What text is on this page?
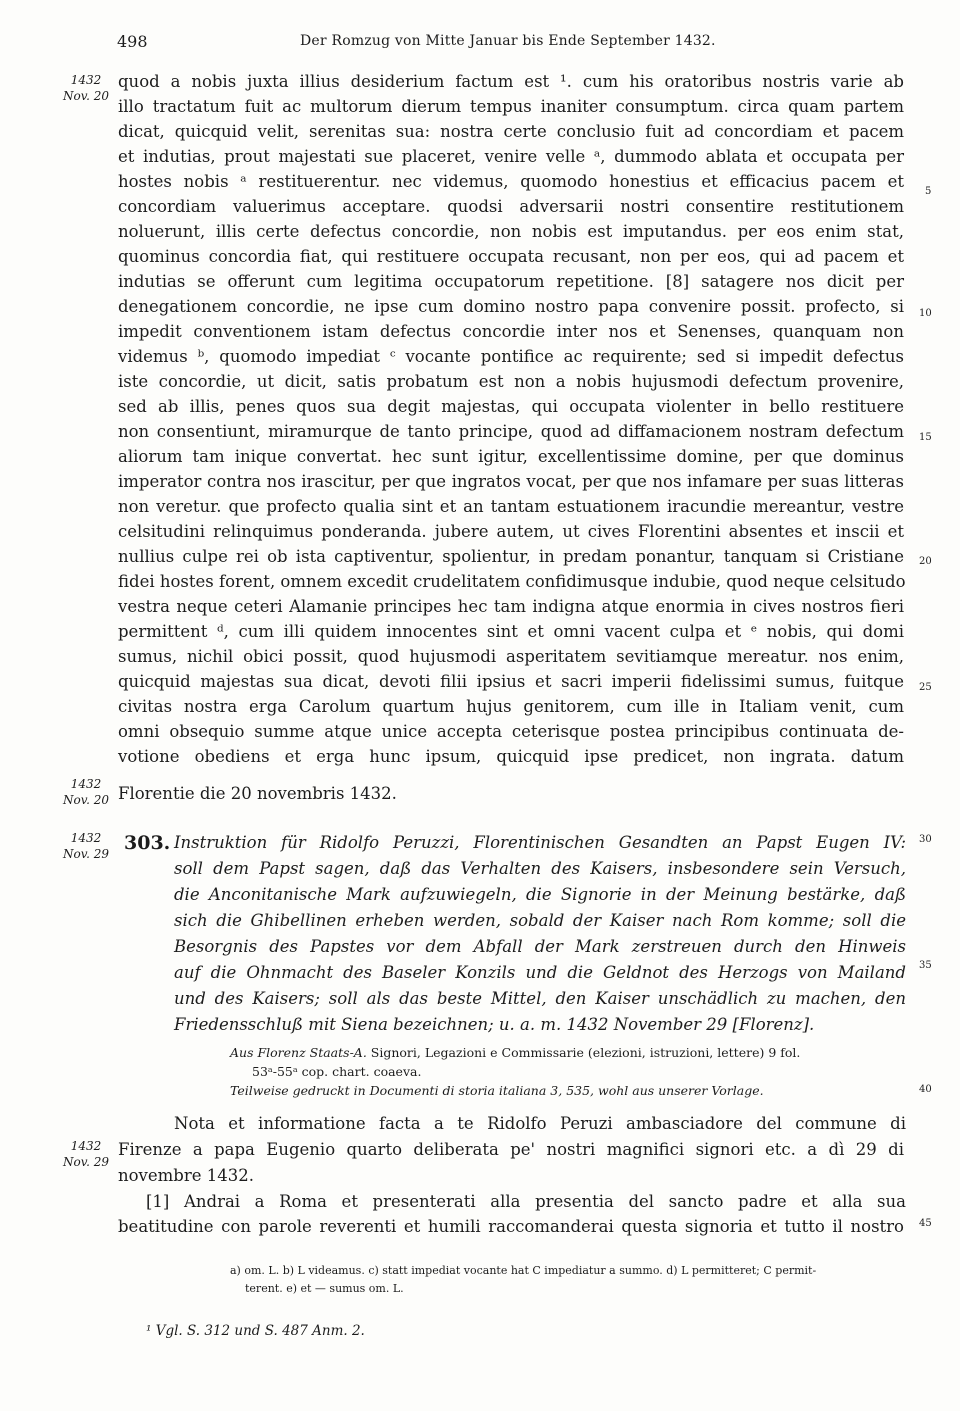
498	Der Romzug von Mitte Januar bis Ende September 1432.
1432
Nov. 20
1432
Nov. 20
1432
Nov. 29
1432
Nov. 29
5
10
15
20
25
30
35
40
45
quod a nobis juxta illius desiderium factum est ¹. cum his oratoribus nostris varie ab
illo tractatum fuit ac multorum dierum tempus inaniter consumptum. circa quam partem
dicat, quicquid velit, serenitas sua: nostra certe conclusio fuit ad concordiam et pacem
et indutias, prout majestati sue placeret, venire velle ᵃ, dummodo ablata et occupata per
hostes nobis ᵃ restituerentur. nec videmus, quomodo honestius et efficacius pacem et
concordiam valuerimus acceptare. quodsi adversarii nostri consentire restitutionem
noluerunt, illis certe defectus concordie, non nobis est imputandus. per eos enim stat,
quominus concordia fiat, qui restituere occupata recusant, non per eos, qui ad pacem et
indutias se offerunt cum legitima occupatorum repetitione. [8] satagere nos dicit per
denegationem concordie, ne ipse cum domino nostro papa convenire possit. profecto, si
impedit conventionem istam defectus concordie inter nos et Senenses, quanquam non
videmus ᵇ, quomodo impediat ᶜ vocante pontifice ac requirente; sed si impedit defectus
iste concordie, ut dicit, satis probatum est non a nobis hujusmodi defectum provenire,
sed ab illis, penes quos sua degit majestas, qui occupata violenter in bello restituere
non consentiunt, miramurque de tanto principe, quod ad diffamacionem nostram defectum
aliorum tam inique convertat. hec sunt igitur, excellentissime domine, per que dominus
imperator contra nos irascitur, per que ingratos vocat, per que nos infamare per suas litteras
non veretur. que profecto qualia sint et an tantam estuationem iracundie mereantur, vestre
celsitudini relinquimus ponderanda. jubere autem, ut cives Florentini absentes et inscii et
nullius culpe rei ob ista captiventur, spolientur, in predam ponantur, tanquam si Cristiane
fidei hostes forent, omnem excedit crudelitatem confidimusque indubie, quod neque celsitudo
vestra neque ceteri Alamanie principes hec tam indigna atque enormia in cives nostros fieri
permittent ᵈ, cum illi quidem innocentes sint et omni vacent culpa et ᵉ nobis, qui domi
sumus, nichil obici possit, quod hujusmodi asperitatem sevitiamque mereatur. nos enim,
quicquid majestas sua dicat, devoti filii ipsius et sacri imperii fidelissimi sumus, fuitque
civitas nostra erga Carolum quartum hujus genitorem, cum ille in Italiam venit, cum
omni obsequio summe atque unice accepta ceterisque postea principibus continuata de-
votione obediens et erga hunc ipsum, quicquid ipse predicet, non ingrata. datum
Florentie die 20 novembris 1432.
303. Instruktion für Ridolfo Peruzzi, Florentinischen Gesandten an Papst Eugen IV:
soll dem Papst sagen, daß das Verhalten des Kaisers, insbesondere sein Versuch,
die Anconitanische Mark aufzuwiegeln, die Signorie in der Meinung bestärke, daß
sich die Ghibellinen erheben werden, sobald der Kaiser nach Rom komme; soll die
Besorgnis des Papstes vor dem Abfall der Mark zerstreuen durch den Hinweis
auf die Ohnmacht des Baseler Konzils und die Geldnot des Herzogs von Mailand
und des Kaisers; soll als das beste Mittel, den Kaiser unschädlich zu machen, den
Friedensschluß mit Siena bezeichnen; u. a. m. 1432 November 29 [Florenz].
Aus Florenz Staats-A. Signori, Legazioni e Commissarie (elezioni, istruzioni, lettere) 9 fol.
53ᵃ-55ᵃ cop. chart. coaeva.
Teilweise gedruckt in Documenti di storia italiana 3, 535, wohl aus unserer Vorlage.
Nota et informatione facta a te Ridolfo Peruzi ambasciadore del commune di
Firenze a papa Eugenio quarto deliberata pe' nostri magnifici signori etc. a dì 29 di
novembre 1432.
[1] Andrai a Roma et presenterati alla presentia del sancto padre et alla sua
beatitudine con parole reverenti et humili raccomanderai questa signoria et tutto il nostro
a) om. L. b) L videamus. c) statt impediat vocante hat C impediatur a summo. d) L permitteret; C permit-
terent. e) et — sumus om. L.
¹ Vgl. S. 312 und S. 487 Anm. 2.
